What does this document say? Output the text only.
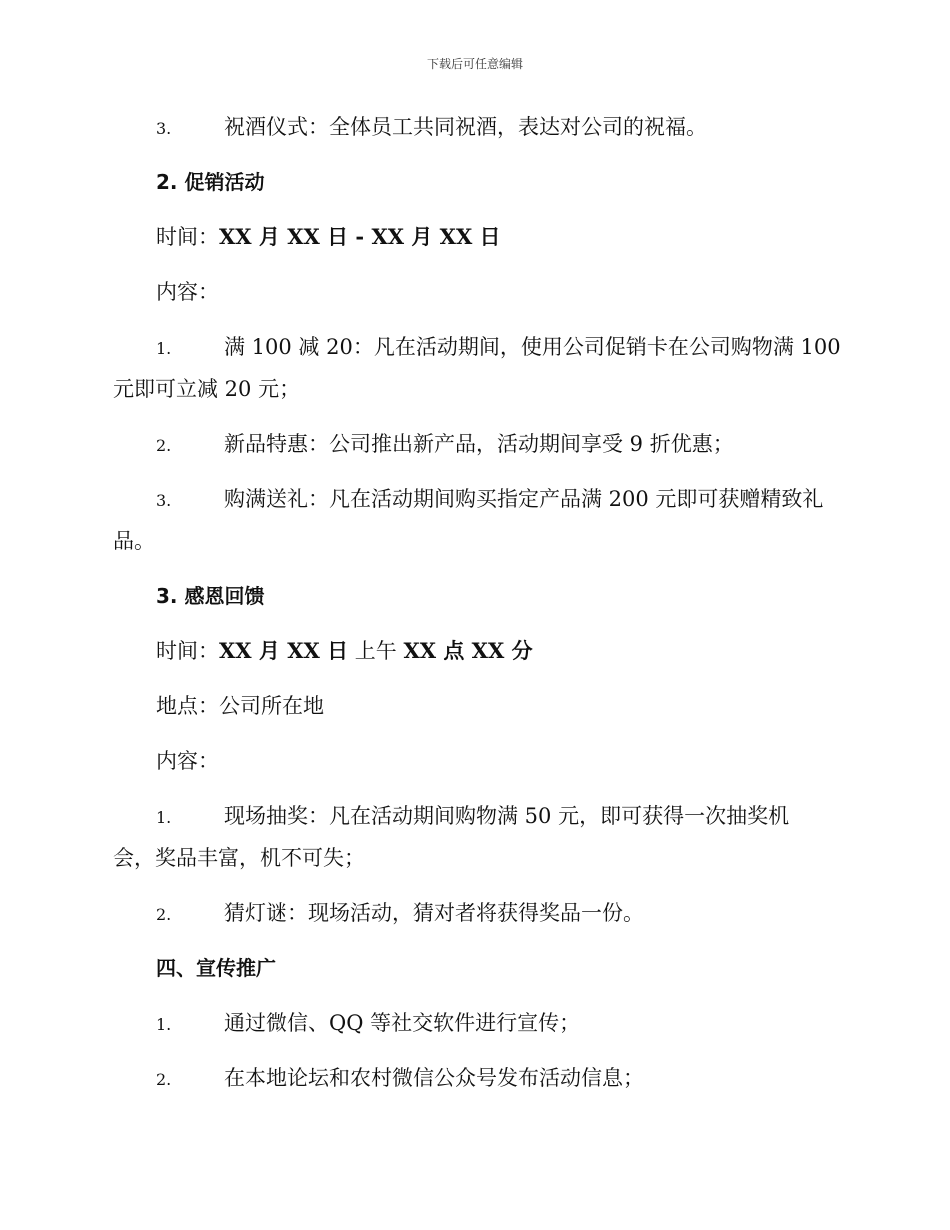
下载后可任意编辑
3.	祝酒仪式：全体员工共同祝酒，表达对公司的祝福。
2. 促销活动
时间：XX 月 XX 日 - XX 月 XX 日
内容：
1.	满 100 减 20：凡在活动期间，使用公司促销卡在公司购物满 100
元即可立减 20 元；
2.	新品特惠：公司推出新产品，活动期间享受 9 折优惠；
3.	购满送礼：凡在活动期间购买指定产品满 200 元即可获赠精致礼
品。
3. 感恩回馈
时间：XX 月 XX 日 上午 XX 点 XX 分
地点：公司所在地
内容：
1.	现场抽奖：凡在活动期间购物满 50 元，即可获得一次抽奖机
会，奖品丰富，机不可失；
2.	猜灯谜：现场活动，猜对者将获得奖品一份。
四、宣传推广
1.	通过微信、QQ 等社交软件进行宣传；
2.	在本地论坛和农村微信公众号发布活动信息；
